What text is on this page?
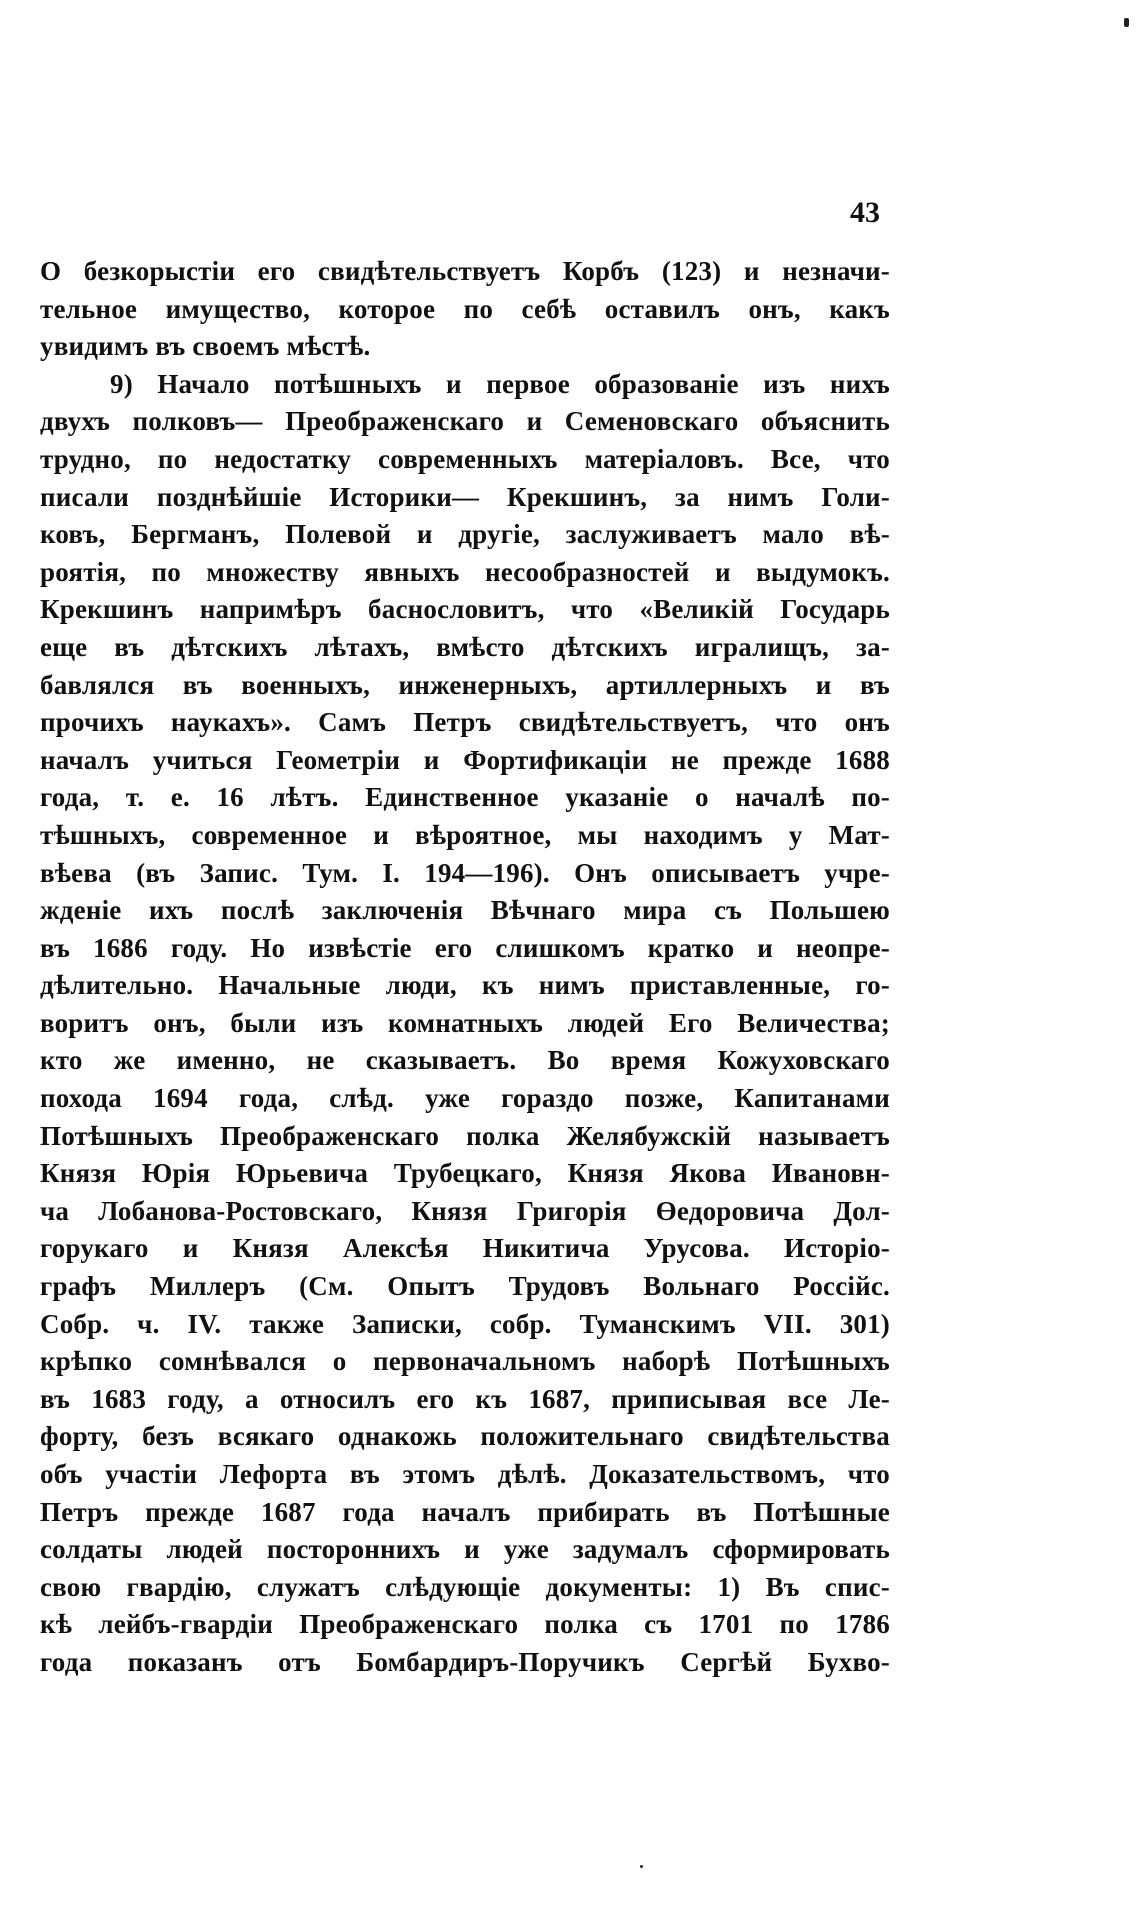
43
О безкорыстіи его свидѣтельствуетъ Корбъ (123) и незначи-
тельное имущество, которое по себѣ оставилъ онъ, какъ
увидимъ въ своемъ мѣстѣ.
9) Начало потѣшныхъ и первое образованіе изъ нихъ
двухъ полковъ— Преображенскаго и Семеновскаго объяснить
трудно, по недостатку современныхъ матеріаловъ. Все, что
писали позднѣйшіе Историки— Крекшинъ, за нимъ Голи-
ковъ, Бергманъ, Полевой и другіе, заслуживаетъ мало вѣ-
роятія, по множеству явныхъ несообразностей и выдумокъ.
Крекшинъ напримѣръ баснословитъ, что «Великій Государь
еще въ дѣтскихъ лѣтахъ, вмѣсто дѣтскихъ игралищъ, за-
бавлялся въ военныхъ, инженерныхъ, артиллерныхъ и въ
прочихъ наукахъ». Самъ Петръ свидѣтельствуетъ, что онъ
началъ учиться Геометріи и Фортификаціи не прежде 1688
года, т. е. 16 лѣтъ. Единственное указаніе о началѣ по-
тѣшныхъ, современное и вѣроятное, мы находимъ у Мат-
вѣева (въ Запис. Тум. I. 194—196). Онъ описываетъ учре-
жденіе ихъ послѣ заключенія Вѣчнаго мира съ Польшею
въ 1686 году. Но извѣстіе его слишкомъ кратко и неопре-
дѣлительно. Начальные люди, къ нимъ приставленные, го-
воритъ онъ, были изъ комнатныхъ людей Его Величества;
кто же именно, не сказываетъ. Во время Кожуховскаго
похода 1694 года, слѣд. уже гораздо позже, Капитанами
Потѣшныхъ Преображенскаго полка Желябужскій называетъ
Князя Юрія Юрьевича Трубецкаго, Князя Якова Ивановн-
ча Лобанова-Ростовскаго, Князя Григорія Өедоровича Дол-
горукаго и Князя Алексѣя Никитича Урусова. Исторіо-
графъ Миллеръ (См. Опытъ Трудовъ Вольнаго Россійс.
Собр. ч. IV. также Записки, собр. Туманскимъ VII. 301)
крѣпко сомнѣвался о первоначальномъ наборѣ Потѣшныхъ
въ 1683 году, а относилъ его къ 1687, приписывая все Ле-
форту, безъ всякаго однакожь положительнаго свидѣтельства
объ участіи Лефорта въ этомъ дѣлѣ. Доказательствомъ, что
Петръ прежде 1687 года началъ прибирать въ Потѣшные
солдаты людей постороннихъ и уже задумалъ сформировать
свою гвардію, служатъ слѣдующіе документы: 1) Въ спис-
кѣ лейбъ-гвардіи Преображенскаго полка съ 1701 по 1786
года показанъ отъ Бомбардиръ-Поручикъ Сергѣй Бухво-
